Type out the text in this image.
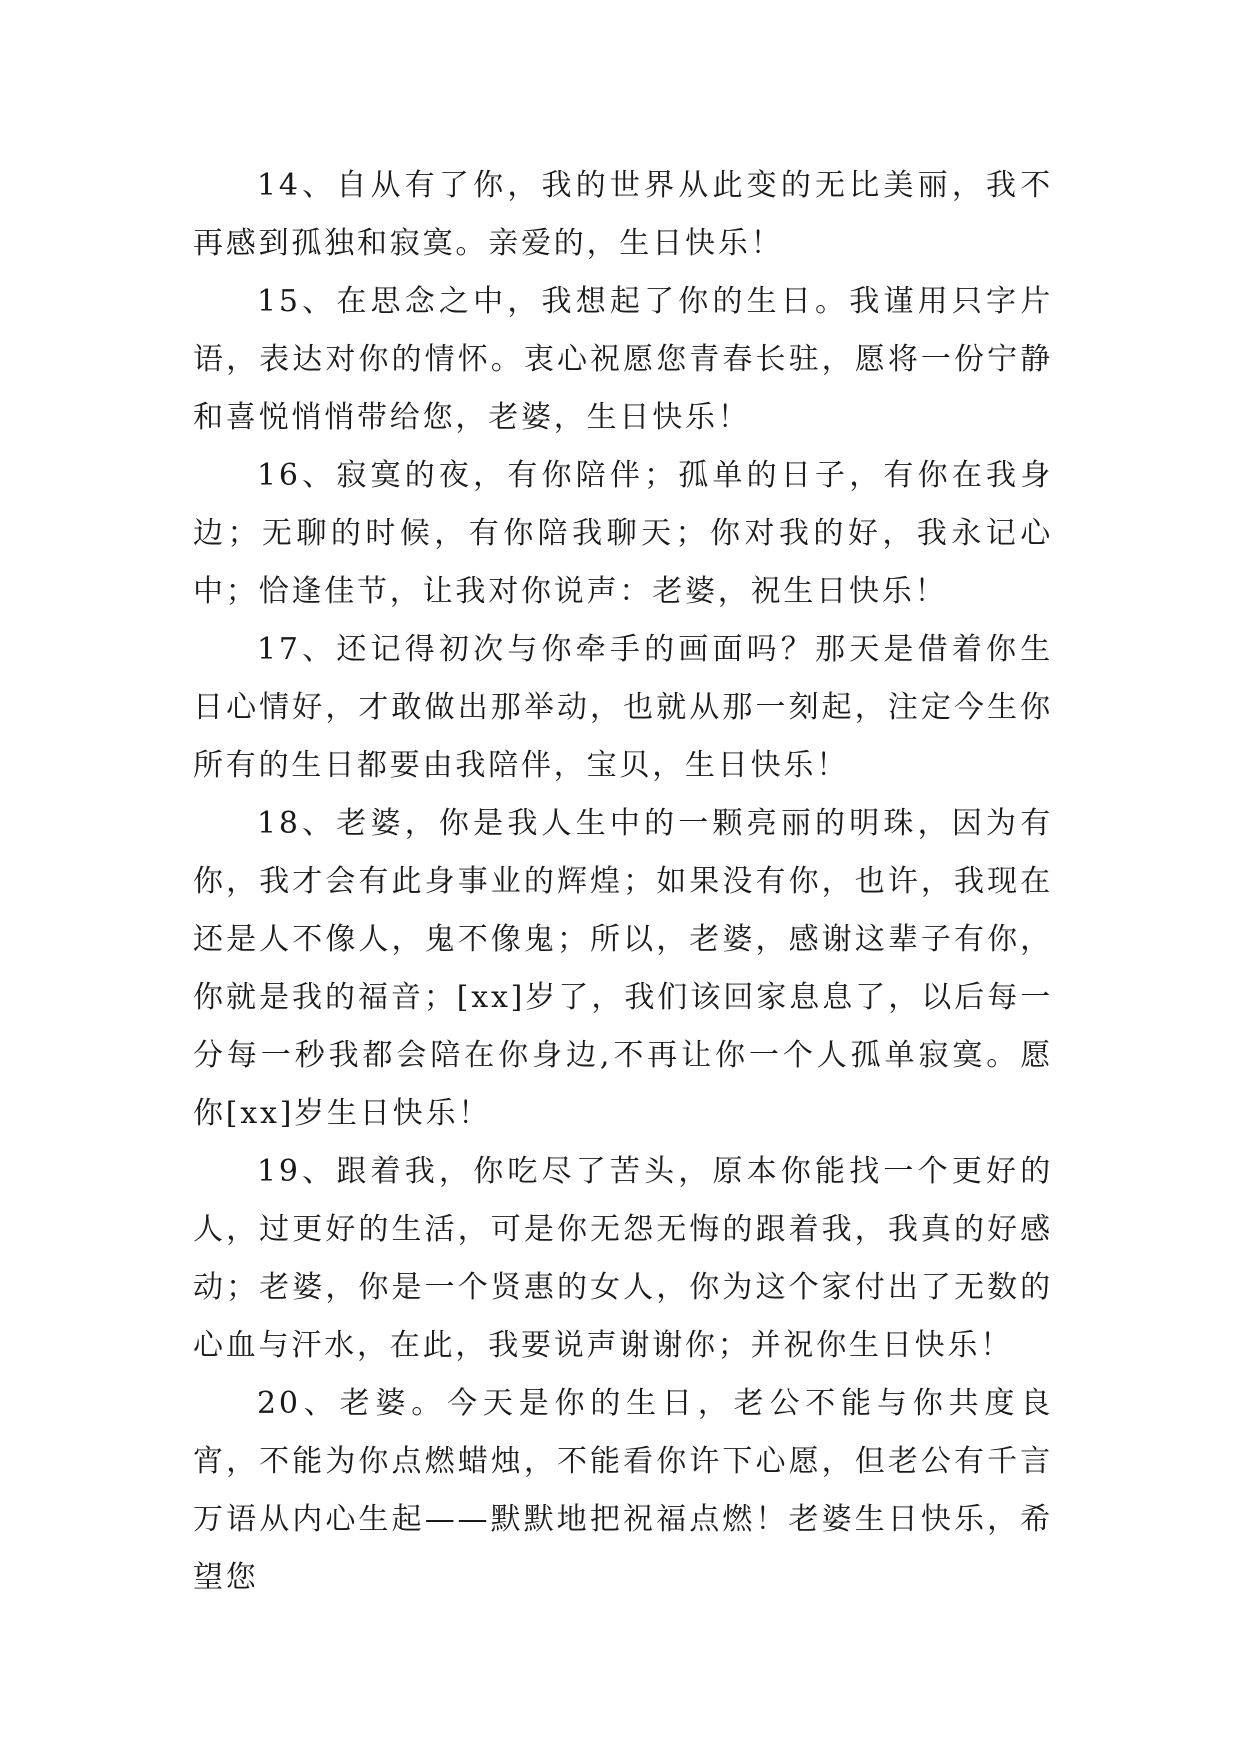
14、自从有了你，我的世界从此变的无比美丽，我不再感到孤独和寂寞。亲爱的，生日快乐！

15、在思念之中，我想起了你的生日。我谨用只字片语，表达对你的情怀。衷心祝愿您青春长驻，愿将一份宁静和喜悦悄悄带给您，老婆，生日快乐！

16、寂寞的夜，有你陪伴；孤单的日子，有你在我身边；无聊的时候，有你陪我聊天；你对我的好，我永记心中；恰逢佳节，让我对你说声：老婆，祝生日快乐！

17、还记得初次与你牵手的画面吗？那天是借着你生日心情好，才敢做出那举动，也就从那一刻起，注定今生你所有的生日都要由我陪伴，宝贝，生日快乐！

18、老婆，你是我人生中的一颗亮丽的明珠，因为有你，我才会有此身事业的辉煌；如果没有你，也许，我现在还是人不像人，鬼不像鬼；所以，老婆，感谢这辈子有你，你就是我的福音；[xx]岁了，我们该回家息息了，以后每一分每一秒我都会陪在你身边,不再让你一个人孤单寂寞。愿你[xx]岁生日快乐！

19、跟着我，你吃尽了苦头，原本你能找一个更好的人，过更好的生活，可是你无怨无悔的跟着我，我真的好感动；老婆，你是一个贤惠的女人，你为这个家付出了无数的心血与汗水，在此，我要说声谢谢你；并祝你生日快乐！

20、老婆。今天是你的生日，老公不能与你共度良宵，不能为你点燃蜡烛，不能看你许下心愿，但老公有千言万语从内心生起——默默地把祝福点燃！老婆生日快乐，希望您
